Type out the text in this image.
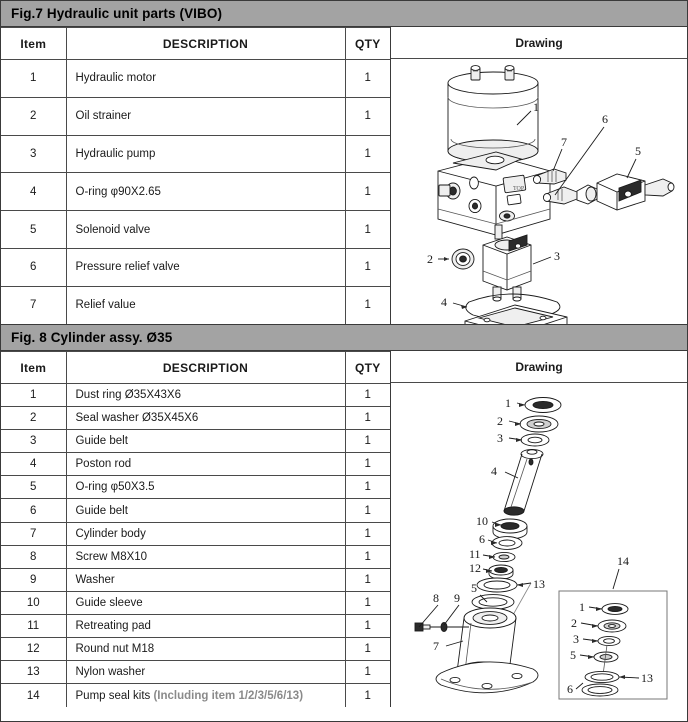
Fig.7 Hydraulic unit parts (VIBO)
Item	DESCRIPTION	QTY
1	Hydraulic motor	1
2	Oil strainer	1
3	Hydraulic pump	1
4	O-ring φ90X2.65	1
5	Solenoid valve	1
6	Pressure relief valve	1
7	Relief value	1
Drawing
TOP
1
2	3
4
5
6
7
Fig. 8 Cylinder assy. Ø35
Item	DESCRIPTION	QTY
1	Dust ring Ø35X43X6	1
2	Seal washer Ø35X45X6	1
3	Guide belt	1
4	Poston rod	1
5	O-ring φ50X3.5	1
6	Guide belt	1
7	Cylinder body	1
8	Screw M8X10	1
9	Washer	1
10	Guide sleeve	1
11	Retreating pad	1
12	Round nut M18	1
13	Nylon washer	1
14	Pump seal kits (Including item 1/2/3/5/6/13)	1
Drawing
14
1
2
3
5
6
13
1
2
3
4
10
6
11
12
5	13
8 9
7
